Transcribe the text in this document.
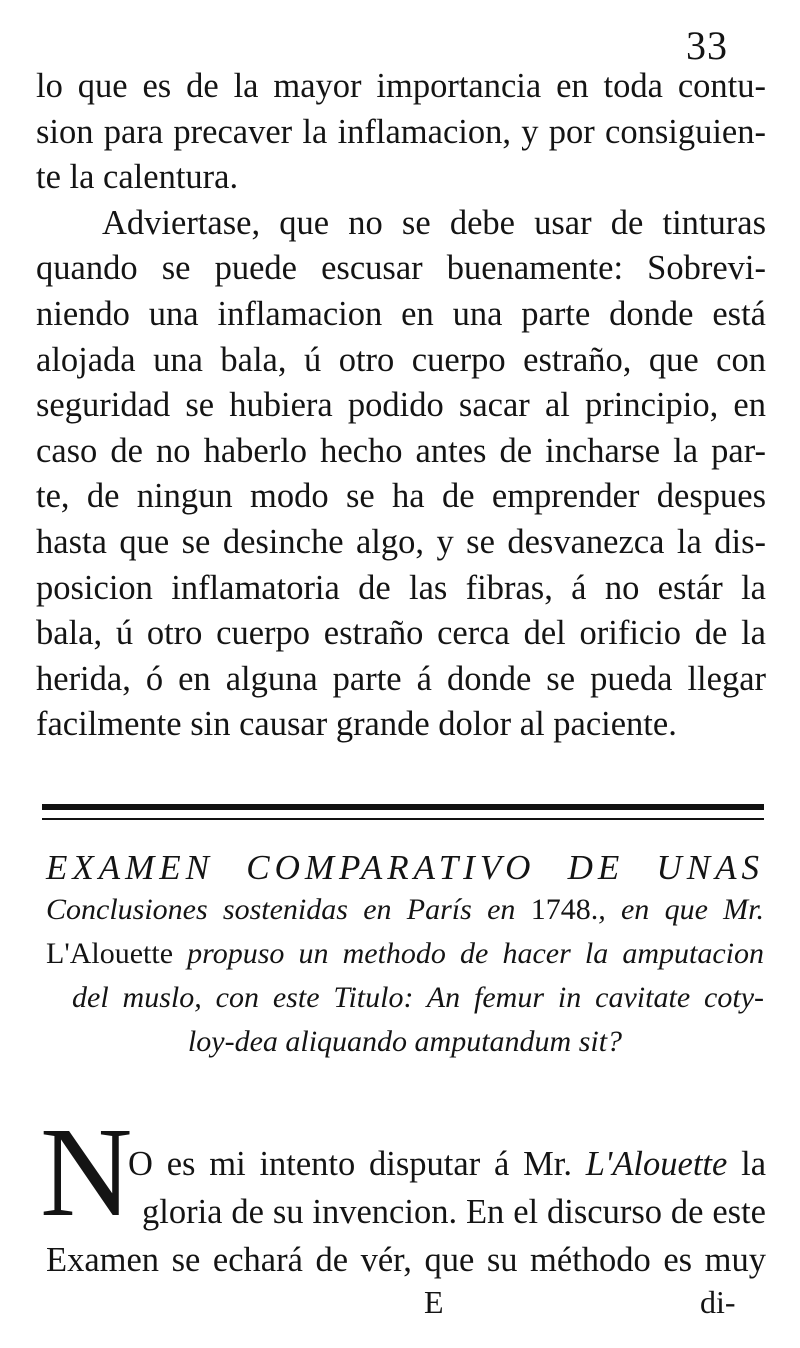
33
lo que es de la mayor importancia en toda contu-
sion para precaver la inflamacion, y por consiguien-
te la calentura.
Adviertase, que no se debe usar de tinturas
quando se puede escusar buenamente: Sobrevi-
niendo una inflamacion en una parte donde está
alojada una bala, ú otro cuerpo estraño, que con
seguridad se hubiera podido sacar al principio, en
caso de no haberlo hecho antes de incharse la par-
te, de ningun modo se ha de emprender despues
hasta que se desinche algo, y se desvanezca la dis-
posicion inflamatoria de las fibras, á no estár la
bala, ú otro cuerpo estraño cerca del orificio de la
herida, ó en alguna parte á donde se pueda llegar
facilmente sin causar grande dolor al paciente.
EXAMEN COMPARATIVO DE UNAS
Conclusiones sostenidas en París en 1748., en que Mr.
L'Alouette propuso un methodo de hacer la amputacion
del muslo, con este Titulo: An femur in cavitate coty-
loy-dea aliquando amputandum sit?
N
O es mi intento disputar á Mr. L'Alouette la
gloria de su invencion. En el discurso de este
Examen se echará de vér, que su méthodo es muy
E	di-
